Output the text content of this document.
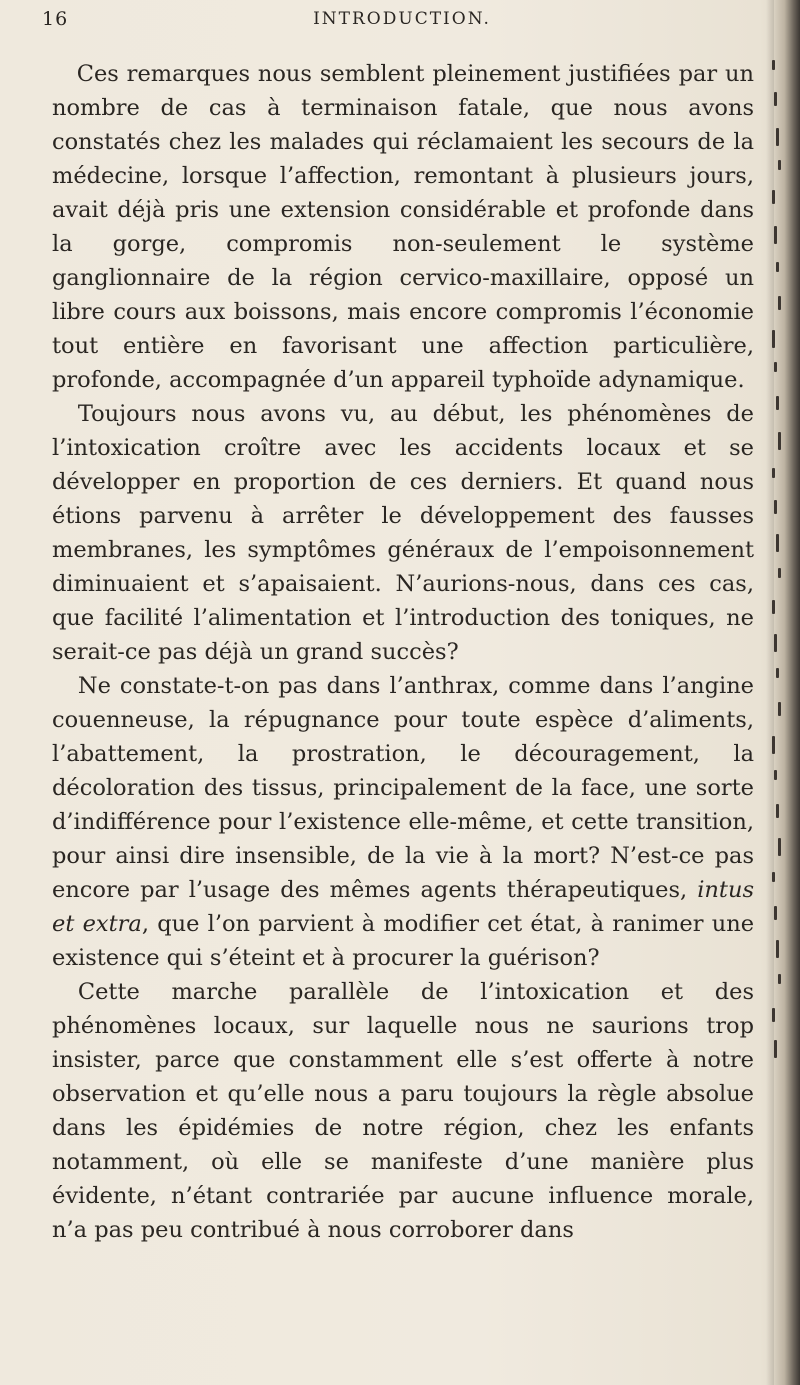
16	INTRODUCTION.

Ces remarques nous semblent pleinement justifiées par un nombre de cas à terminaison fatale, que nous avons constatés chez les malades qui réclamaient les secours de la médecine, lorsque l’affection, remontant à plusieurs jours, avait déjà pris une extension considérable et profonde dans la gorge, compromis non-seulement le système ganglionnaire de la région cervico-maxillaire, opposé un libre cours aux boissons, mais encore compromis l’économie tout entière en favorisant une affection particulière, profonde, accompagnée d’un appareil typhoïde adynamique.

Toujours nous avons vu, au début, les phénomènes de l’intoxication croître avec les accidents locaux et se développer en proportion de ces derniers. Et quand nous étions parvenu à arrêter le développement des fausses membranes, les symptômes généraux de l’empoisonnement diminuaient et s’apaisaient. N’aurions-nous, dans ces cas, que facilité l’alimentation et l’introduction des toniques, ne serait-ce pas déjà un grand succès?

Ne constate-t-on pas dans l’anthrax, comme dans l’angine couenneuse, la répugnance pour toute espèce d’aliments, l’abattement, la prostration, le découragement, la décoloration des tissus, principalement de la face, une sorte d’indifférence pour l’existence elle-même, et cette transition, pour ainsi dire insensible, de la vie à la mort? N’est-ce pas encore par l’usage des mêmes agents thérapeutiques, intus et extra, que l’on parvient à modifier cet état, à ranimer une existence qui s’éteint et à procurer la guérison?

Cette marche parallèle de l’intoxication et des phénomènes locaux, sur laquelle nous ne saurions trop insister, parce que constamment elle s’est offerte à notre observation et qu’elle nous a paru toujours la règle absolue dans les épidémies de notre région, chez les enfants notamment, où elle se manifeste d’une manière plus évidente, n’étant contrariée par aucune influence morale, n’a pas peu contribué à nous corroborer dans
